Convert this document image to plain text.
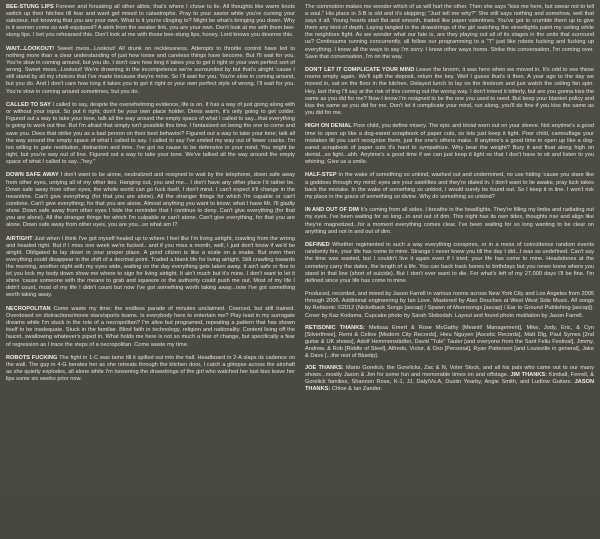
BEE-STUNG LIPS Forever and forsaking all other alibis; that's where I chose to lie. All thoughts like warm knots switch up their hitches till fear and want get mixed to catastrophe. Pray to your savior while you're cursing your saboteur, not knowing that you are your own. What is it you're clinging to? Might be what's bringing you down. Why is it women come so well-equipped? A wink from the weaker link, you are your own. Don't look at me with them bee-stung lips. I bet you rehearsed this. Don't look at me with those bee-stung lips, honey. Lord knows you deserve this.

WAIT...LOOKOUT! Sweet mess...Lookout! All drunk on recklessness. Attempts to throttle control have led to nothing more than a clear understanding of just how loose and careless things have become. But I'll wait for you. You're slow in coming around, but you do. I don't care how long it takes you to get it right or your own perfect sort of wrong. Sweet mess...Lookout! We're drowning in the incompetence we're surrounded by but that's alright 'cause I still stand by all my choices that I've made because they're mine. So I'll wait for you. You're slow in coming around, but you do. And I don't care how long it takes you to get it right or your own perfect style of wrong. I'll wait for you. You're slow in coming around sometimes, but you do.

CALLED TO SAY I called to say, despite the overwhelming evidence, life is on. It has a way of just going along with or without your input. So put it right; don't be your own place holder. Dress warm, it's only going to get colder. Figured out a way to take your tone, talk all the way around the empty space of what I called to say...that everything is going to work out fine. But I'm afraid that simply isn't possible this time. I fantasized on being the one to come and save you. Does that strike you as a bad person on their best behavior? Figured out a way to take your tone; talk all the way around the empty space of what I called to say. I called to say I've smiled my way out of fewer cracks. I'm too willing to gate restitution, distraction and time. I've got no cause to be defensive in your mind. You might be right, but you're way out of line. Figured out a way to take your tone. We've talked all the way around the empty space of what I called to say..."hey."

DOWN SAFE AWAY I don't want to be alone, neutralized and resigned to wait by the telephone, down safe away from other eyes, untying all of my other ties. Hanging out, you and me... I don't have any other place I'd rather be. Down safe away from other eyes, the whole world can go fuck itself, I don't mind. I can't expect it'll change in the meantime. Can't give everything (for that you are alone). All the stranger things for which I'm capable or can't condone. Can't give everything; for that you are alone. Almost anything you want to know; what I have Mr. I'll gladly show. Down safe away from other eyes I hide the reminder that I continue to deny. Can't give everything (for that you are alone). All the stranger things for which I'm culpable or can't atone. Can't give everything, for that you are alone. Down safe away from other eyes, you are you...so what am I?

AIRTIGHT Just when I think I've got myself healed up to where I feel like I'm living airtight, crawling from the wrong and headed right. But if I miss one week we're fucked.. and if you miss a month, well, I just don't know if we'd be alright. Obligated to lay down in your proper place. A good citizen is like a scale on a snake. But even then everything could disappear in the shift of a decimal point. Traded a blank life for living airtight. Still crawling towards the morning, another night with my eyes wide, waiting on the day everything gets taken away. It ain't safe or fine to let you lock my body down show me where to sign for living airtight. It ain't much but it's mine. I don't want to let it shine 'cause someone with the means to grab and squeeze or the authority could push me out. Most of my life I didn't count, most of my life I didn't count but now I've got something worth taking away...now I've got something worth taking away.

NECROPOLITAN Come waste my time; the endless parade of minutes unclaimed. Coerced, but still trained. Overdosed on distractions/movie stars/sports teams. Is everybody here to entertain me? Play lead in my surrogate dreams while I'm stuck in the role of a necropolitan? I'm alive but programed, repeating a pattern that has shown itself to be inadequate. Stuck in the familiar. Blind faith in technology, religion and nationality. Content living off the faucet, swallowing whatever's piped in. What holds me here is not so much a fear of change, but specifically a fear of regression as I trace the steps of a necropolitan. Come waste my time.

ROBOTS FUCKING The fight in 1-C was tame till it spilled out into the hall. Headboard in 2-A slaps its cadence on the wall. The guy in 4-G berates her as she retreats through the kitchen door, I catch a glimpse across the airshaft as she quietly explodes, all alone while I'm loosening the drawstrings of the girl who watched her last kiss leave her lips some six weeks prior now.

The commotion makes me wonder which of us will hurt the other. Then she says "kiss me here, but swear not to tell a soul." His place in 3-B is old and it's skipping; "Just tell me why?" She still says nothing and somehow, well that says it all. Young hearts start flat and smooth, traded like paper valentines. You've got to crumble them up to give them any kind of depth. Laying tangled in the drawstrings of the girl watching the streetlights paint my ceiling while the neighbors fight. As we wonder what our fate is, are they playing out all of its stages in the units that surround us? Continuums running concurrently, all follow our programming to a "T" just like robots fucking and fucking up everything. I know all the ways to say I'm sorry. I know other ways home. Strike this conversation, I'm coming over. Save that conversation, I'm on the way.

DON'T LET IT COMPLICATE YOUR MIND Leave the broom, it was here when we moved in. It's odd to see these rooms empty again. We'll split the deposit, return the key. Well I guess that's it then. A year ago to the day we moved in, sat on the floor in the kitchen. Delayed lunch to lay on the linoleum and just watch the ceiling fan spin. Hey, last thing I'll say at the risk of this coming out the wrong way. I don't intend it bitterly, but are you gonna kiss the same as you did for me? Now I know I'm resigned to be the one you used to need. But keep your blanket policy and kiss the same as you did for me. Don't let it complicate your mind, run along, you'll do fine if you kiss the same as you did for me.

HIGH ON DENIAL Poor child, you define misery. The epic and trivial worn out on your sleeve. Not anytime's a good time to open up like a dog-eared scrapbook of paper cuts, so lets just keep it light. Poor child, camouflage your mistakes till you can't recognize them, just the one's others make. If anytime's a good time to open up like a dog-eared scrapbook of paper cuts it's hard to sympathize. Why bear the weight? Bury it and float along high on denial...so light...ahh. Anytime's a good time if we can just keep it light so that I don't have to sit and listen to you whining. Give us a smile.

HALF-STEP In the wake of something so unkind, washed out and undermined, no use hiding 'cause you stare like a goddess through my mind; eyes are your satellites and they're dialed in. I don't want to lie awake, pray luck takes back the mistake. In the wake of something so unkind, I would surely be found out. So I keep it in line. I won't risk my place in the grace of something so divine. Why do something so unkind?

IN AND OUT OF DIM It's coming from all sides. I breathe in the headlights. They're filling my limbs and radiating out my eyes. I've been waiting for so long...in and out of dim. This night has its own tides, thoughts rise and align like they're magnetized...for a moment everything comes clear. I've been waiting for so long wanting to be clear on anything and not in and out of dim.

DEFINED Whether regimented in such a way everything conspires, or in a mess of coincidence random events randomly fire, your life has come to mine. Strange I never knew you till the day I did...I was so undefined. Can't say the time was wasted, but I couldn't live it again even if I tried; your life has come to mine. Headstones at the cemetery carry the dates, the length of a life. You can back track bones to birthdays but you never know where you stand in that line (short of suicide). But I don't ever want to die. For what's left of my 27,000 days I'll be fine. I'm defined since your life has come to mine.

Produced, recorded, and mixed by Jason Farrell in various rooms across New York City and Los Angeles from 2005 through 2006. Additional engineering by Ian Love. Mastered by Alan Douches at West West Side Music. All songs by Retisonic ©2012 (Nickelback Songs [ascap] / Spawn of Moonsongs [ascap] / Ear to Ground Publishing [ascap]). Cover by Kaz Kodama. Cupcake photo by Sarah Slobodah. Layout and found photo mutilation by Jason Farrell.

RETISONIC THANKS: Melissa Emert & Rose McGathy [Meanit! Management], Mike, Jody, Eric, & Cyn [Silverthree], Remi & Celine [Modern City Records], Hieu Nguyen [Ascetic Records], Matt Dlg, Paul Symes [2nd guitar & UK shows], Adolf Hemmenstädter, David "Tule" Tauler [and everyone from the Sant Feliu Festival], Jimmy, Andrew, & Rob [Riddle of Steel], Alfredo, Victor, & Oso [Personal], Ryan Patterson [and Louisville in general], Jake & Dave [...the rest of Bluetip].

JOE THANKS: Mario Gorelick, the Gorelicks, Zac & N, Voter Stock, and all his pals who came out to our many shows...mostly Jason & Jim for some fun and memorable times on and offstage. JIM THANKS: Kimball, Ferrell, & Gorelick families, Shannon Rose, K-1, JJ, Daly/Vs.A, Dustin Yearby, Angie Smith, and Ludlow Guitars. JASON THANKS: Chloe & Ian Zander.
